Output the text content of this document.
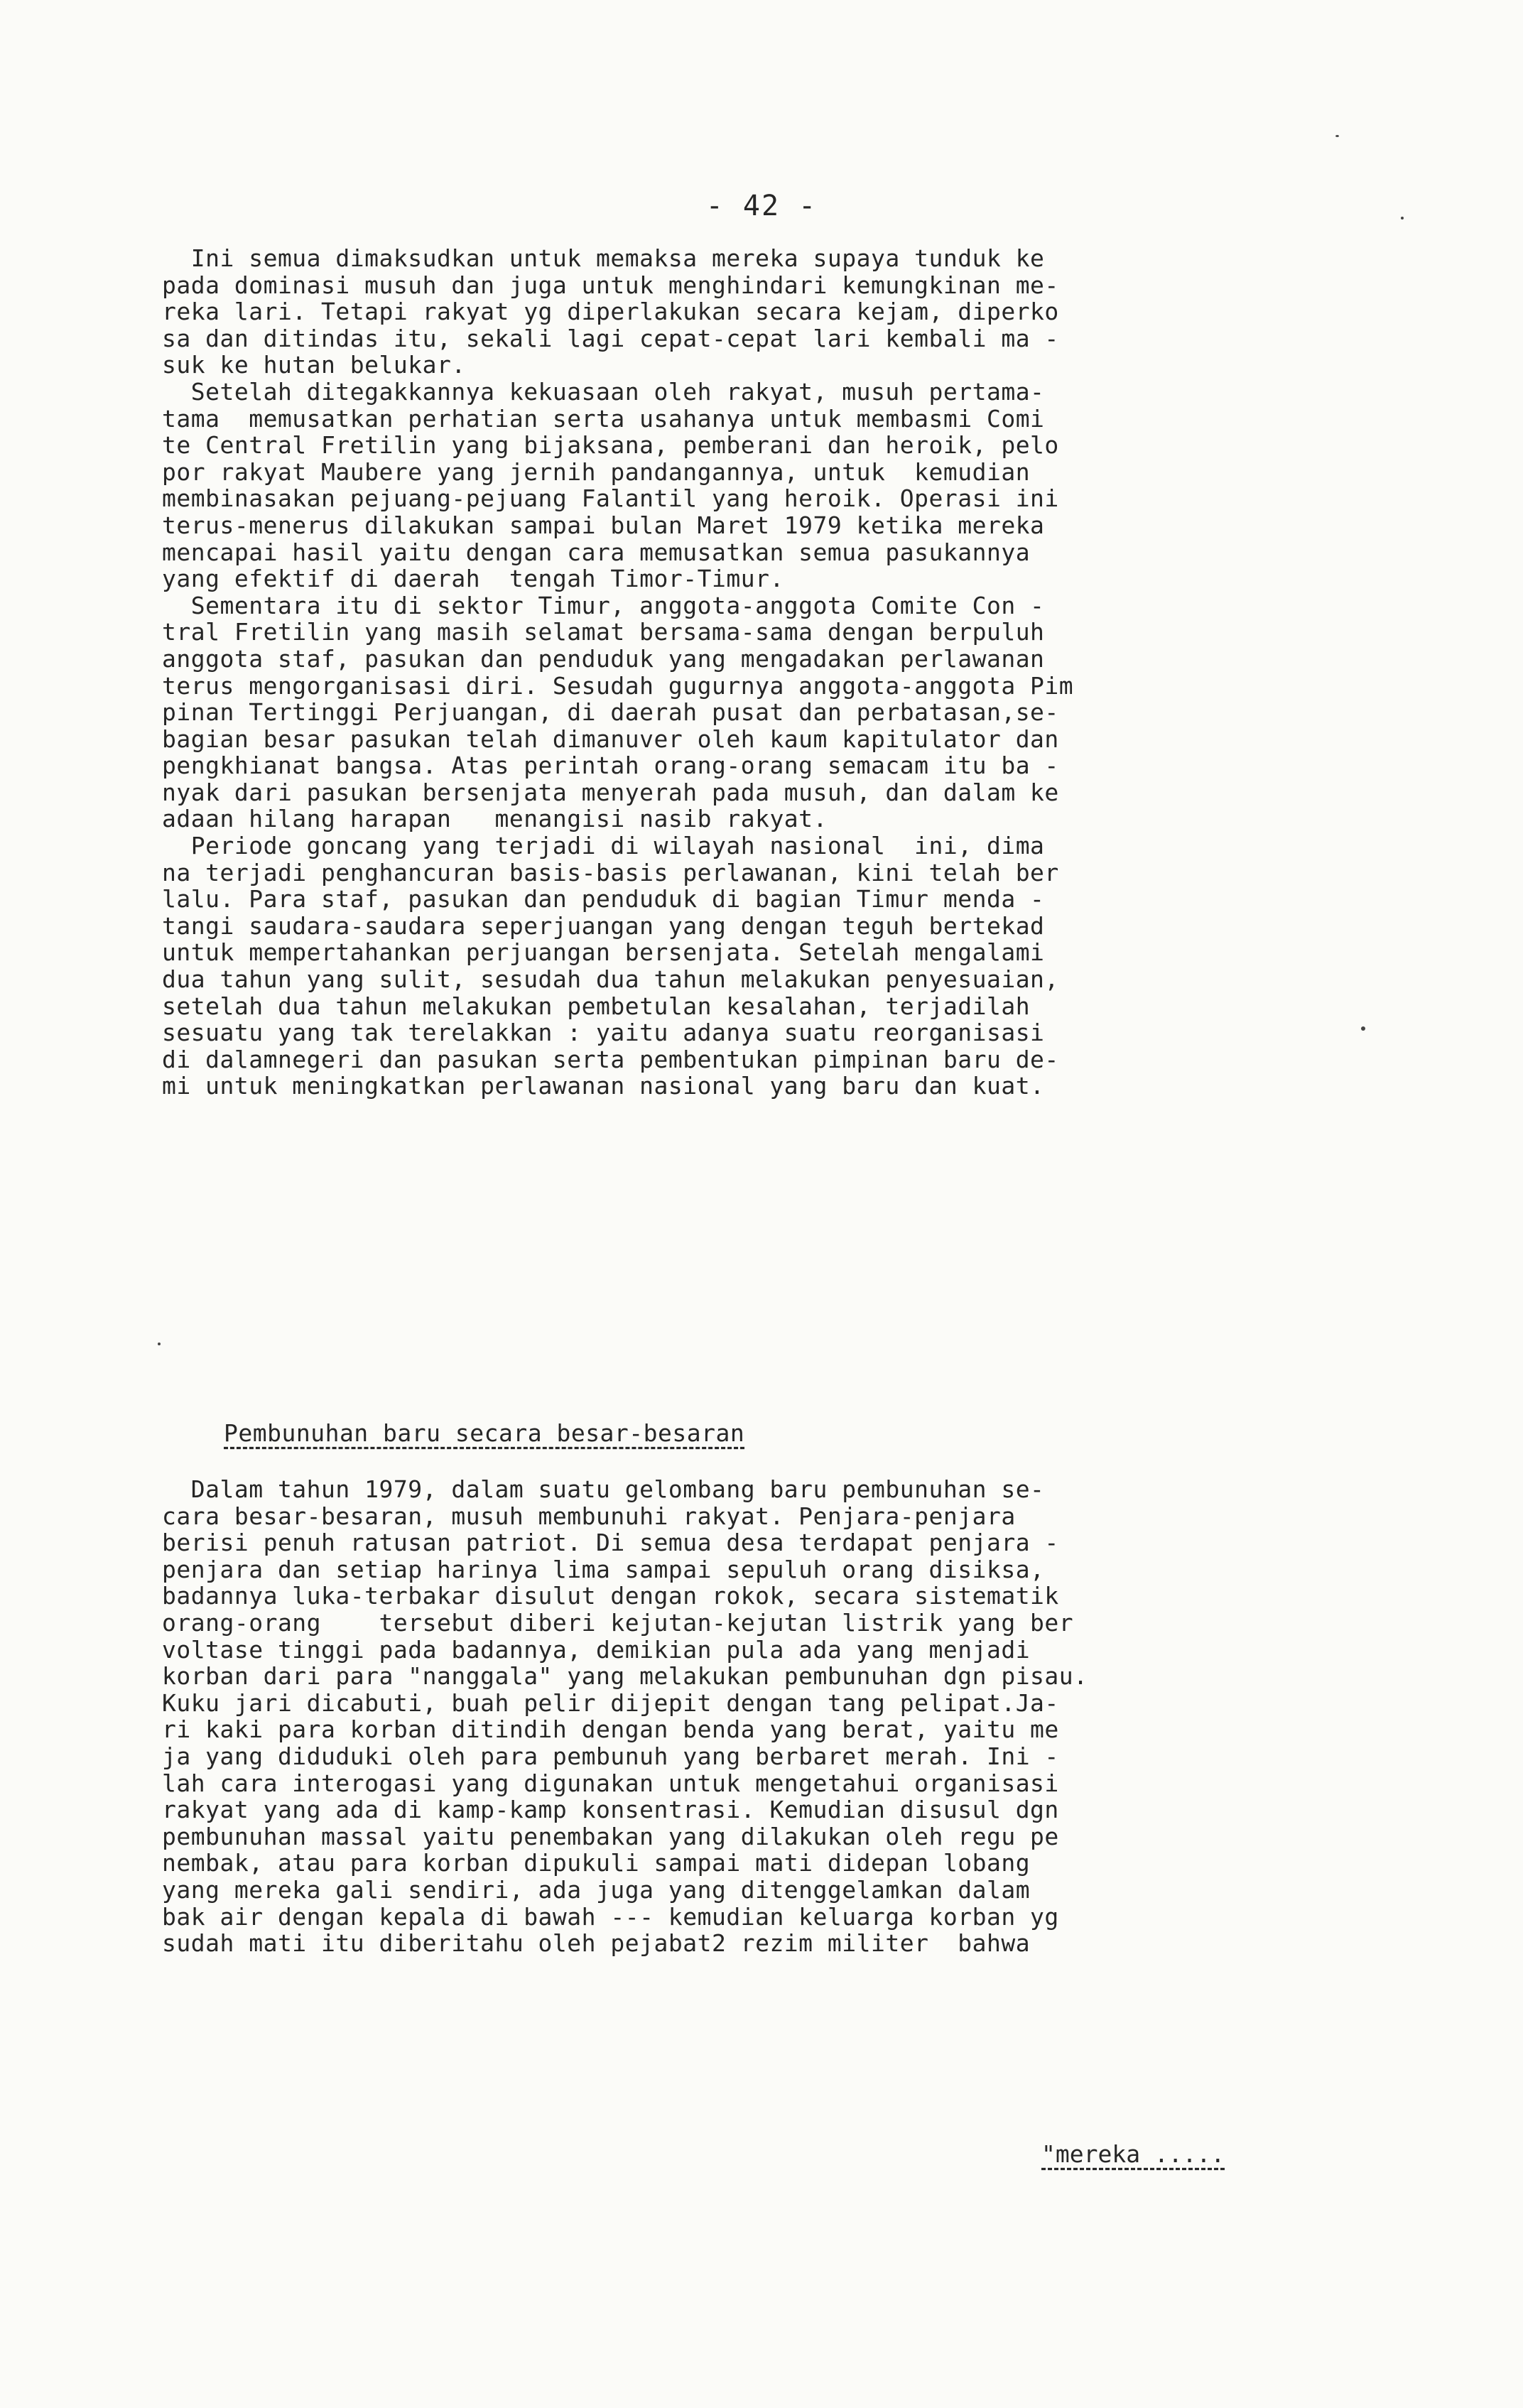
- 42 -
Ini semua dimaksudkan untuk memaksa mereka supaya tunduk ke
pada dominasi musuh dan juga untuk menghindari kemungkinan me-
reka lari. Tetapi rakyat yg diperlakukan secara kejam, diperko
sa dan ditindas itu, sekali lagi cepat-cepat lari kembali ma -
suk ke hutan belukar.
Setelah ditegakkannya kekuasaan oleh rakyat, musuh pertama-
tama  memusatkan perhatian serta usahanya untuk membasmi Comi
te Central Fretilin yang bijaksana, pemberani dan heroik, pelo
por rakyat Maubere yang jernih pandangannya, untuk  kemudian
membinasakan pejuang-pejuang Falantil yang heroik. Operasi ini
terus-menerus dilakukan sampai bulan Maret 1979 ketika mereka
mencapai hasil yaitu dengan cara memusatkan semua pasukannya
yang efektif di daerah  tengah Timor-Timur.
Sementara itu di sektor Timur, anggota-anggota Comite Con -
tral Fretilin yang masih selamat bersama-sama dengan berpuluh
anggota staf, pasukan dan penduduk yang mengadakan perlawanan
terus mengorganisasi diri. Sesudah gugurnya anggota-anggota Pim
pinan Tertinggi Perjuangan, di daerah pusat dan perbatasan,se-
bagian besar pasukan telah dimanuver oleh kaum kapitulator dan
pengkhianat bangsa. Atas perintah orang-orang semacam itu ba -
nyak dari pasukan bersenjata menyerah pada musuh, dan dalam ke
adaan hilang harapan   menangisi nasib rakyat.
Periode goncang yang terjadi di wilayah nasional  ini, dima
na terjadi penghancuran basis-basis perlawanan, kini telah ber
lalu. Para staf, pasukan dan penduduk di bagian Timur menda -
tangi saudara-saudara seperjuangan yang dengan teguh bertekad
untuk mempertahankan perjuangan bersenjata. Setelah mengalami
dua tahun yang sulit, sesudah dua tahun melakukan penyesuaian,
setelah dua tahun melakukan pembetulan kesalahan, terjadilah
sesuatu yang tak terelakkan : yaitu adanya suatu reorganisasi
di dalamnegeri dan pasukan serta pembentukan pimpinan baru de-
mi untuk meningkatkan perlawanan nasional yang baru dan kuat.
Pembunuhan baru secara besar-besaran
Dalam tahun 1979, dalam suatu gelombang baru pembunuhan se-
cara besar-besaran, musuh membunuhi rakyat. Penjara-penjara
berisi penuh ratusan patriot. Di semua desa terdapat penjara -
penjara dan setiap harinya lima sampai sepuluh orang disiksa,
badannya luka-terbakar disulut dengan rokok, secara sistematik
orang-orang    tersebut diberi kejutan-kejutan listrik yang ber
voltase tinggi pada badannya, demikian pula ada yang menjadi
korban dari para "nanggala" yang melakukan pembunuhan dgn pisau.
Kuku jari dicabuti, buah pelir dijepit dengan tang pelipat.Ja-
ri kaki para korban ditindih dengan benda yang berat, yaitu me
ja yang diduduki oleh para pembunuh yang berbaret merah. Ini -
lah cara interogasi yang digunakan untuk mengetahui organisasi
rakyat yang ada di kamp-kamp konsentrasi. Kemudian disusul dgn
pembunuhan massal yaitu penembakan yang dilakukan oleh regu pe
nembak, atau para korban dipukuli sampai mati didepan lobang
yang mereka gali sendiri, ada juga yang ditenggelamkan dalam
bak air dengan kepala di bawah --- kemudian keluarga korban yg
sudah mati itu diberitahu oleh pejabat2 rezim militer  bahwa
"mereka .....
